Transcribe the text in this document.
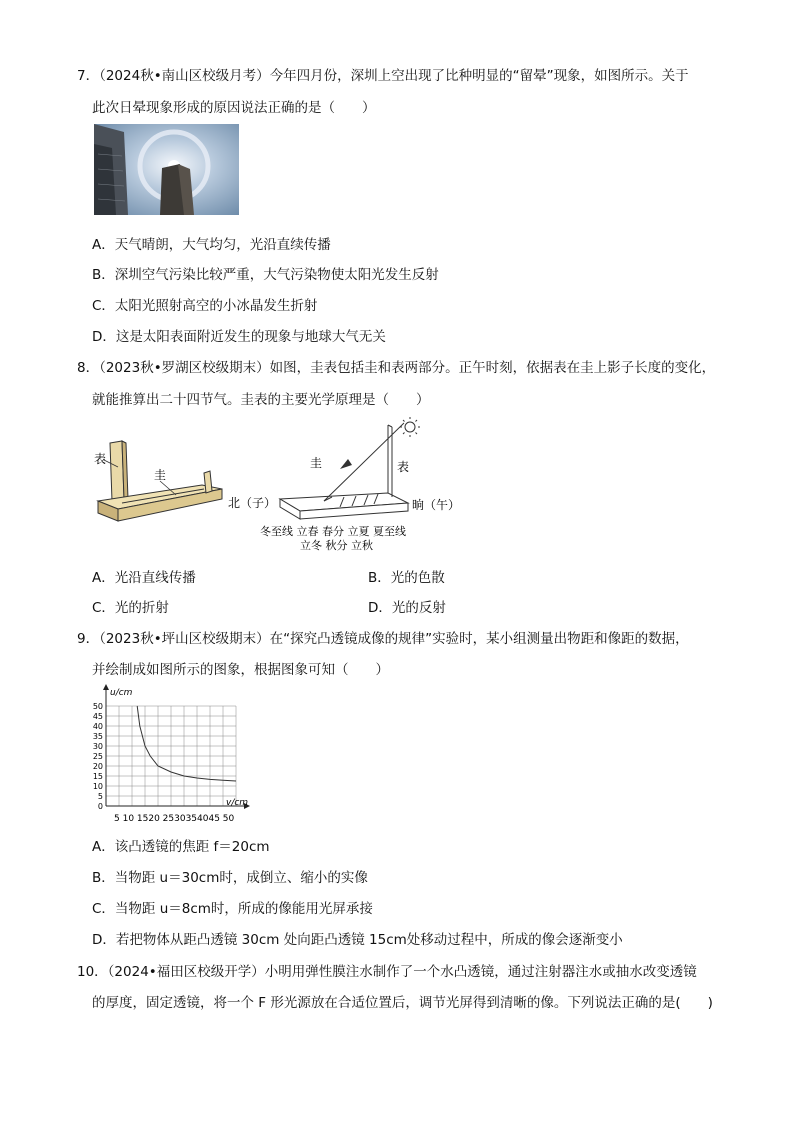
7．（2024秋•南山区校级月考）今年四月份，深圳上空出现了比种明显的“留晕”现象，如图所示。关于
此次日晕现象形成的原因说法正确的是（　　）
A．天气晴朗，大气均匀，光沿直续传播
B．深圳空气污染比较严重，大气污染物使太阳光发生反射
C．太阳光照射高空的小冰晶发生折射
D．这是太阳表面附近发生的现象与地球大气无关
8．（2023秋•罗湖区校级期末）如图，圭表包括圭和表两部分。正午时刻，依据表在圭上影子长度的变化，
就能推算出二十四节气。圭表的主要光学原理是（　　）
表
圭
圭	表
北（子）	晌（午）
冬至线 立春 春分 立夏 夏至线
立冬 秋分 立秋
A．光沿直线传播	B．光的色散
C．光的折射	D．光的反射
9．（2023秋•坪山区校级期末）在“探究凸透镜成像的规律”实验时，某小组测量出物距和像距的数据，
并绘制成如图所示的图象，根据图象可知（　　）
50
45
40
35
30
25
20
15
10
5
0
u/cm
v/cm
5 10 1520 2530354045 50
A．该凸透镜的焦距 f＝20cm
B．当物距 u＝30cm时，成倒立、缩小的实像
C．当物距 u＝8cm时，所成的像能用光屏承接
D．若把物体从距凸透镜 30cm 处向距凸透镜 15cm处移动过程中，所成的像会逐渐变小
10．（2024•福田区校级开学）小明用弹性膜注水制作了一个水凸透镜，通过注射器注水或抽水改变透镜
的厚度，固定透镜，将一个 F 形光源放在合适位置后，调节光屏得到清晰的像。下列说法正确的是(　　)
